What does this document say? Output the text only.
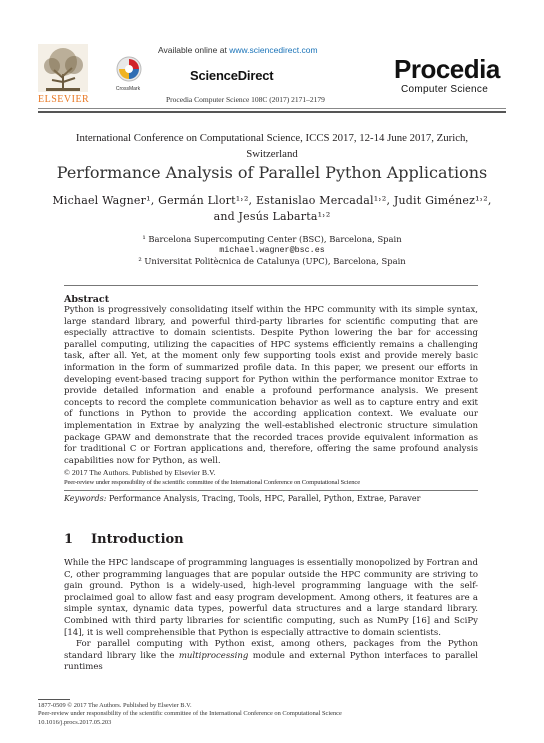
ELSEVIER
Available online at www.sciencedirect.com
CrossMark
ScienceDirect
Procedia Computer Science 108C (2017) 2171–2179
Procedia
Computer Science
International Conference on Computational Science, ICCS 2017, 12-14 June 2017, Zurich, Switzerland
Performance Analysis of Parallel Python Applications
Michael Wagner¹, Germán Llort¹˒², Estanislao Mercadal¹˒², Judit Giménez¹˒²,
and Jesús Labarta¹˒²
¹ Barcelona Supercomputing Center (BSC), Barcelona, Spain
michael.wagner@bsc.es
² Universitat Politècnica de Catalunya (UPC), Barcelona, Spain
Abstract
Python is progressively consolidating itself within the HPC community with its simple syntax, large standard library, and powerful third-party libraries for scientific computing that are especially attractive to domain scientists. Despite Python lowering the bar for accessing parallel computing, utilizing the capacities of HPC systems efficiently remains a challenging task, after all. Yet, at the moment only few supporting tools exist and provide merely basic information in the form of summarized profile data. In this paper, we present our efforts in developing event-based tracing support for Python within the performance monitor Extrae to provide detailed information and enable a profound performance analysis. We present concepts to record the complete communication behavior as well as to capture entry and exit of functions in Python to provide the according application context. We evaluate our implementation in Extrae by analyzing the well-established electronic structure simulation package GPAW and demonstrate that the recorded traces provide equivalent information as for traditional C or Fortran applications and, therefore, offering the same profound analysis capabilities now for Python, as well.
© 2017 The Authors. Published by Elsevier B.V.
Peer-review under responsibility of the scientific committee of the International Conference on Computational Science
Keywords: Performance Analysis, Tracing, Tools, HPC, Parallel, Python, Extrae, Paraver
1 Introduction

While the HPC landscape of programming languages is essentially monopolized by Fortran and C, other programming languages that are popular outside the HPC community are striving to gain ground. Python is a widely-used, high-level programming language with the self-proclaimed goal to allow fast and easy program development. Among others, it features are a simple syntax, dynamic data types, powerful data structures and a large standard library. Combined with third party libraries for scientific computing, such as NumPy [16] and SciPy [14], it is well comprehensible that Python is especially attractive to domain scientists.

For parallel computing with Python exist, among others, packages from the Python standard library like the multiprocessing module and external Python interfaces to parallel runtimes

1877-0509 © 2017 The Authors. Published by Elsevier B.V.
Peer-review under responsibility of the scientific committee of the International Conference on Computational Science
10.1016/j.procs.2017.05.203
